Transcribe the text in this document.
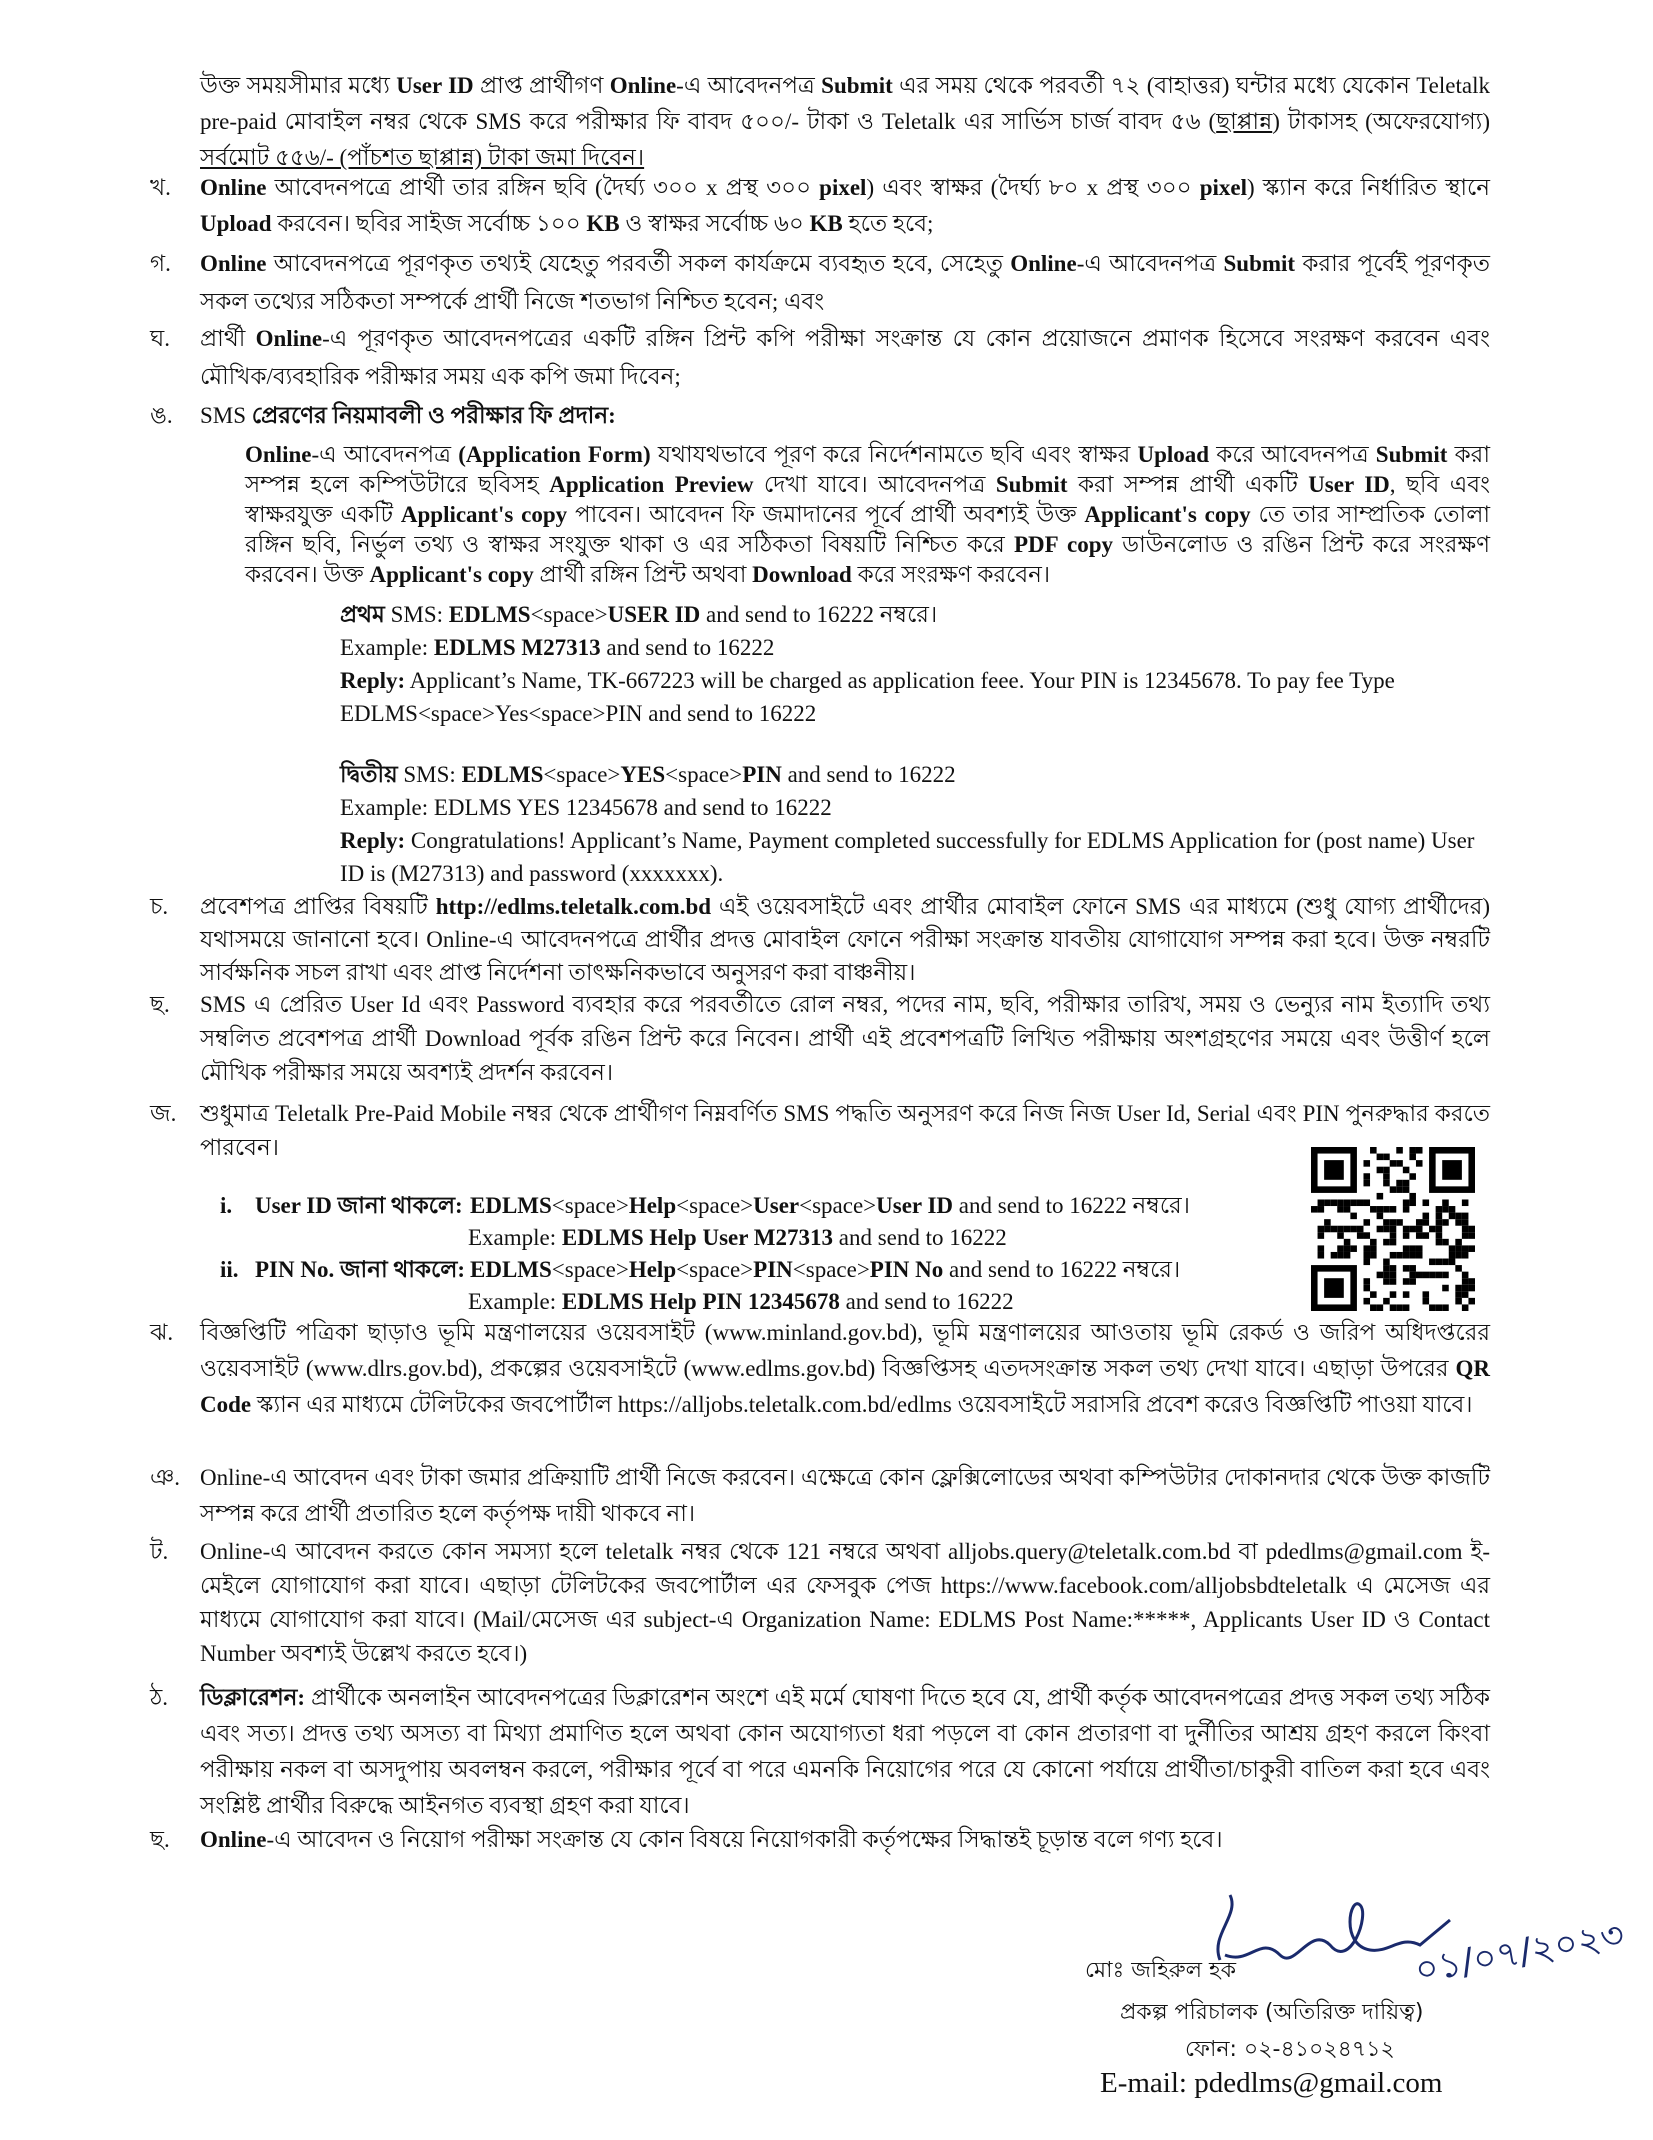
উক্ত সময়সীমার মধ্যে User ID প্রাপ্ত প্রার্থীগণ Online-এ আবেদনপত্র Submit এর সময় থেকে পরবর্তী ৭২ (বাহাত্তর) ঘন্টার মধ্যে যেকোন Teletalk pre-paid মোবাইল নম্বর থেকে SMS করে পরীক্ষার ফি বাবদ ৫০০/- টাকা ও Teletalk এর সার্ভিস চার্জ বাবদ ৫৬ (ছাপ্পান্ন) টাকাসহ (অফেরযোগ্য) সর্বমোট ৫৫৬/- (পাঁচশত ছাপ্পান্ন) টাকা জমা দিবেন।
খ. Online আবেদনপত্রে প্রার্থী তার রঙ্গিন ছবি (দৈর্ঘ্য ৩০০ x প্রস্থ ৩০০ pixel) এবং স্বাক্ষর (দৈর্ঘ্য ৮০ x প্রস্থ ৩০০ pixel) স্ক্যান করে নির্ধারিত স্থানে Upload করবেন। ছবির সাইজ সর্বোচ্চ ১০০ KB ও স্বাক্ষর সর্বোচ্চ ৬০ KB হতে হবে;
গ. Online আবেদনপত্রে পূরণকৃত তথ্যই যেহেতু পরবর্তী সকল কার্যক্রমে ব্যবহৃত হবে, সেহেতু Online-এ আবেদনপত্র Submit করার পূর্বেই পূরণকৃত সকল তথ্যের সঠিকতা সম্পর্কে প্রার্থী নিজে শতভাগ নিশ্চিত হবেন; এবং
ঘ. প্রার্থী Online-এ পূরণকৃত আবেদনপত্রের একটি রঙ্গিন প্রিন্ট কপি পরীক্ষা সংক্রান্ত যে কোন প্রয়োজনে প্রমাণক হিসেবে সংরক্ষণ করবেন এবং মৌখিক/ব্যবহারিক পরীক্ষার সময় এক কপি জমা দিবেন;
ঙ. SMS প্রেরণের নিয়মাবলী ও পরীক্ষার ফি প্রদান:
Online-এ আবেদনপত্র (Application Form) যথাযথভাবে পূরণ করে নির্দেশনামতে ছবি এবং স্বাক্ষর Upload করে আবেদনপত্র Submit করা সম্পন্ন হলে কম্পিউটারে ছবিসহ Application Preview দেখা যাবে। আবেদনপত্র Submit করা সম্পন্ন প্রার্থী একটি User ID, ছবি এবং স্বাক্ষরযুক্ত একটি Applicant's copy পাবেন। আবেদন ফি জমাদানের পূর্বে প্রার্থী অবশ্যই উক্ত Applicant's copy তে তার সাম্প্রতিক তোলা রঙ্গিন ছবি, নির্ভুল তথ্য ও স্বাক্ষর সংযুক্ত থাকা ও এর সঠিকতা বিষয়টি নিশ্চিত করে PDF copy ডাউনলোড ও রঙিন প্রিন্ট করে সংরক্ষণ করবেন। উক্ত Applicant's copy প্রার্থী রঙ্গিন প্রিন্ট অথবা Download করে সংরক্ষণ করবেন।
চ. প্রবেশপত্র প্রাপ্তির বিষয়টি http://edlms.teletalk.com.bd এই ওয়েবসাইটে এবং প্রার্থীর মোবাইল ফোনে SMS এর মাধ্যমে (শুধু যোগ্য প্রার্থীদের) যথাসময়ে জানানো হবে। Online-এ আবেদনপত্রে প্রার্থীর প্রদত্ত মোবাইল ফোনে পরীক্ষা সংক্রান্ত যাবতীয় যোগাযোগ সম্পন্ন করা হবে। উক্ত নম্বরটি সার্বক্ষনিক সচল রাখা এবং প্রাপ্ত নির্দেশনা তাৎক্ষনিকভাবে অনুসরণ করা বাঞ্চনীয়।
ছ. SMS এ প্রেরিত User Id এবং Password ব্যবহার করে পরবর্তীতে রোল নম্বর, পদের নাম, ছবি, পরীক্ষার তারিখ, সময় ও ভেন্যুর নাম ইত্যাদি তথ্য সম্বলিত প্রবেশপত্র প্রার্থী Download পূর্বক রঙিন প্রিন্ট করে নিবেন। প্রার্থী এই প্রবেশপত্রটি লিখিত পরীক্ষায় অংশগ্রহণের সময়ে এবং উত্তীর্ণ হলে মৌখিক পরীক্ষার সময়ে অবশ্যই প্রদর্শন করবেন।
জ. শুধুমাত্র Teletalk Pre-Paid Mobile নম্বর থেকে প্রার্থীগণ নিম্নবর্ণিত SMS পদ্ধতি অনুসরণ করে নিজ নিজ User Id, Serial এবং PIN পুনরুদ্ধার করতে পারবেন।
ঝ. বিজ্ঞপ্তিটি পত্রিকা ছাড়াও ভূমি মন্ত্রণালয়ের ওয়েবসাইট (www.minland.gov.bd), ভূমি মন্ত্রণালয়ের আওতায় ভূমি রেকর্ড ও জরিপ অধিদপ্তরের ওয়েবসাইট (www.dlrs.gov.bd), প্রকল্পের ওয়েবসাইটে (www.edlms.gov.bd) বিজ্ঞপ্তিসহ এতদসংক্রান্ত সকল তথ্য দেখা যাবে। এছাড়া উপরের QR Code স্ক্যান এর মাধ্যমে টেলিটকের জবপোর্টাল https://alljobs.teletalk.com.bd/edlms ওয়েবসাইটে সরাসরি প্রবেশ করেও বিজ্ঞপ্তিটি পাওয়া যাবে।
ঞ. Online-এ আবেদন এবং টাকা জমার প্রক্রিয়াটি প্রার্থী নিজে করবেন। এক্ষেত্রে কোন ফ্লেক্সিলোডের অথবা কম্পিউটার দোকানদার থেকে উক্ত কাজটি সম্পন্ন করে প্রার্থী প্রতারিত হলে কর্তৃপক্ষ দায়ী থাকবে না।
ট. Online-এ আবেদন করতে কোন সমস্যা হলে teletalk নম্বর থেকে 121 নম্বরে অথবা alljobs.query@teletalk.com.bd বা pdedlms@gmail.com ই-মেইলে যোগাযোগ করা যাবে। এছাড়া টেলিটকের জবপোর্টাল এর ফেসবুক পেজ https://www.facebook.com/alljobsbdteletalk এ মেসেজ এর মাধ্যমে যোগাযোগ করা যাবে। (Mail/মেসেজ এর subject-এ Organization Name: EDLMS Post Name:*****, Applicants User ID ও Contact Number অবশ্যই উল্লেখ করতে হবে।)
ঠ. ডিক্লারেশন: প্রার্থীকে অনলাইন আবেদনপত্রের ডিক্লারেশন অংশে এই মর্মে ঘোষণা দিতে হবে যে, প্রার্থী কর্তৃক আবেদনপত্রের প্রদত্ত সকল তথ্য সঠিক এবং সত্য। প্রদত্ত তথ্য অসত্য বা মিথ্যা প্রমাণিত হলে অথবা কোন অযোগ্যতা ধরা পড়লে বা কোন প্রতারণা বা দুর্নীতির আশ্রয় গ্রহণ করলে কিংবা পরীক্ষায় নকল বা অসদুপায় অবলম্বন করলে, পরীক্ষার পূর্বে বা পরে এমনকি নিয়োগের পরে যে কোনো পর্যায়ে প্রার্থীতা/চাকুরী বাতিল করা হবে এবং সংশ্লিষ্ট প্রার্থীর বিরুদ্ধে আইনগত ব্যবস্থা গ্রহণ করা যাবে।
ছ. Online-এ আবেদন ও নিয়োগ পরীক্ষা সংক্রান্ত যে কোন বিষয়ে নিয়োগকারী কর্তৃপক্ষের সিদ্ধান্তই চূড়ান্ত বলে গণ্য হবে।
প্রথম SMS: EDLMS<space>USER ID and send to 16222 নম্বরে।
Example: EDLMS M27313 and send to 16222
Reply: Applicant’s Name, TK-667223 will be charged as application feee. Your PIN is 12345678. To pay fee Type EDLMS<space>Yes<space>PIN and send to 16222
দ্বিতীয় SMS: EDLMS<space>YES<space>PIN and send to 16222
Example: EDLMS YES 12345678 and send to 16222
Reply: Congratulations! Applicant’s Name, Payment completed successfully for EDLMS Application for (post name) User ID is (M27313) and password (xxxxxxx).
i. User ID জানা থাকলে: EDLMS<space>Help<space>User<space>User ID and send to 16222 নম্বরে।
Example: EDLMS Help User M27313 and send to 16222
ii. PIN No. জানা থাকলে: EDLMS<space>Help<space>PIN<space>PIN No and send to 16222 নম্বরে।
Example: EDLMS Help PIN 12345678 and send to 16222
০১/০৭/২০২৩
মোঃ জহিরুল হক
প্রকল্প পরিচালক (অতিরিক্ত দায়িত্ব)
ফোন: ০২-৪১০২৪৭১২
E-mail: pdedlms@gmail.com
